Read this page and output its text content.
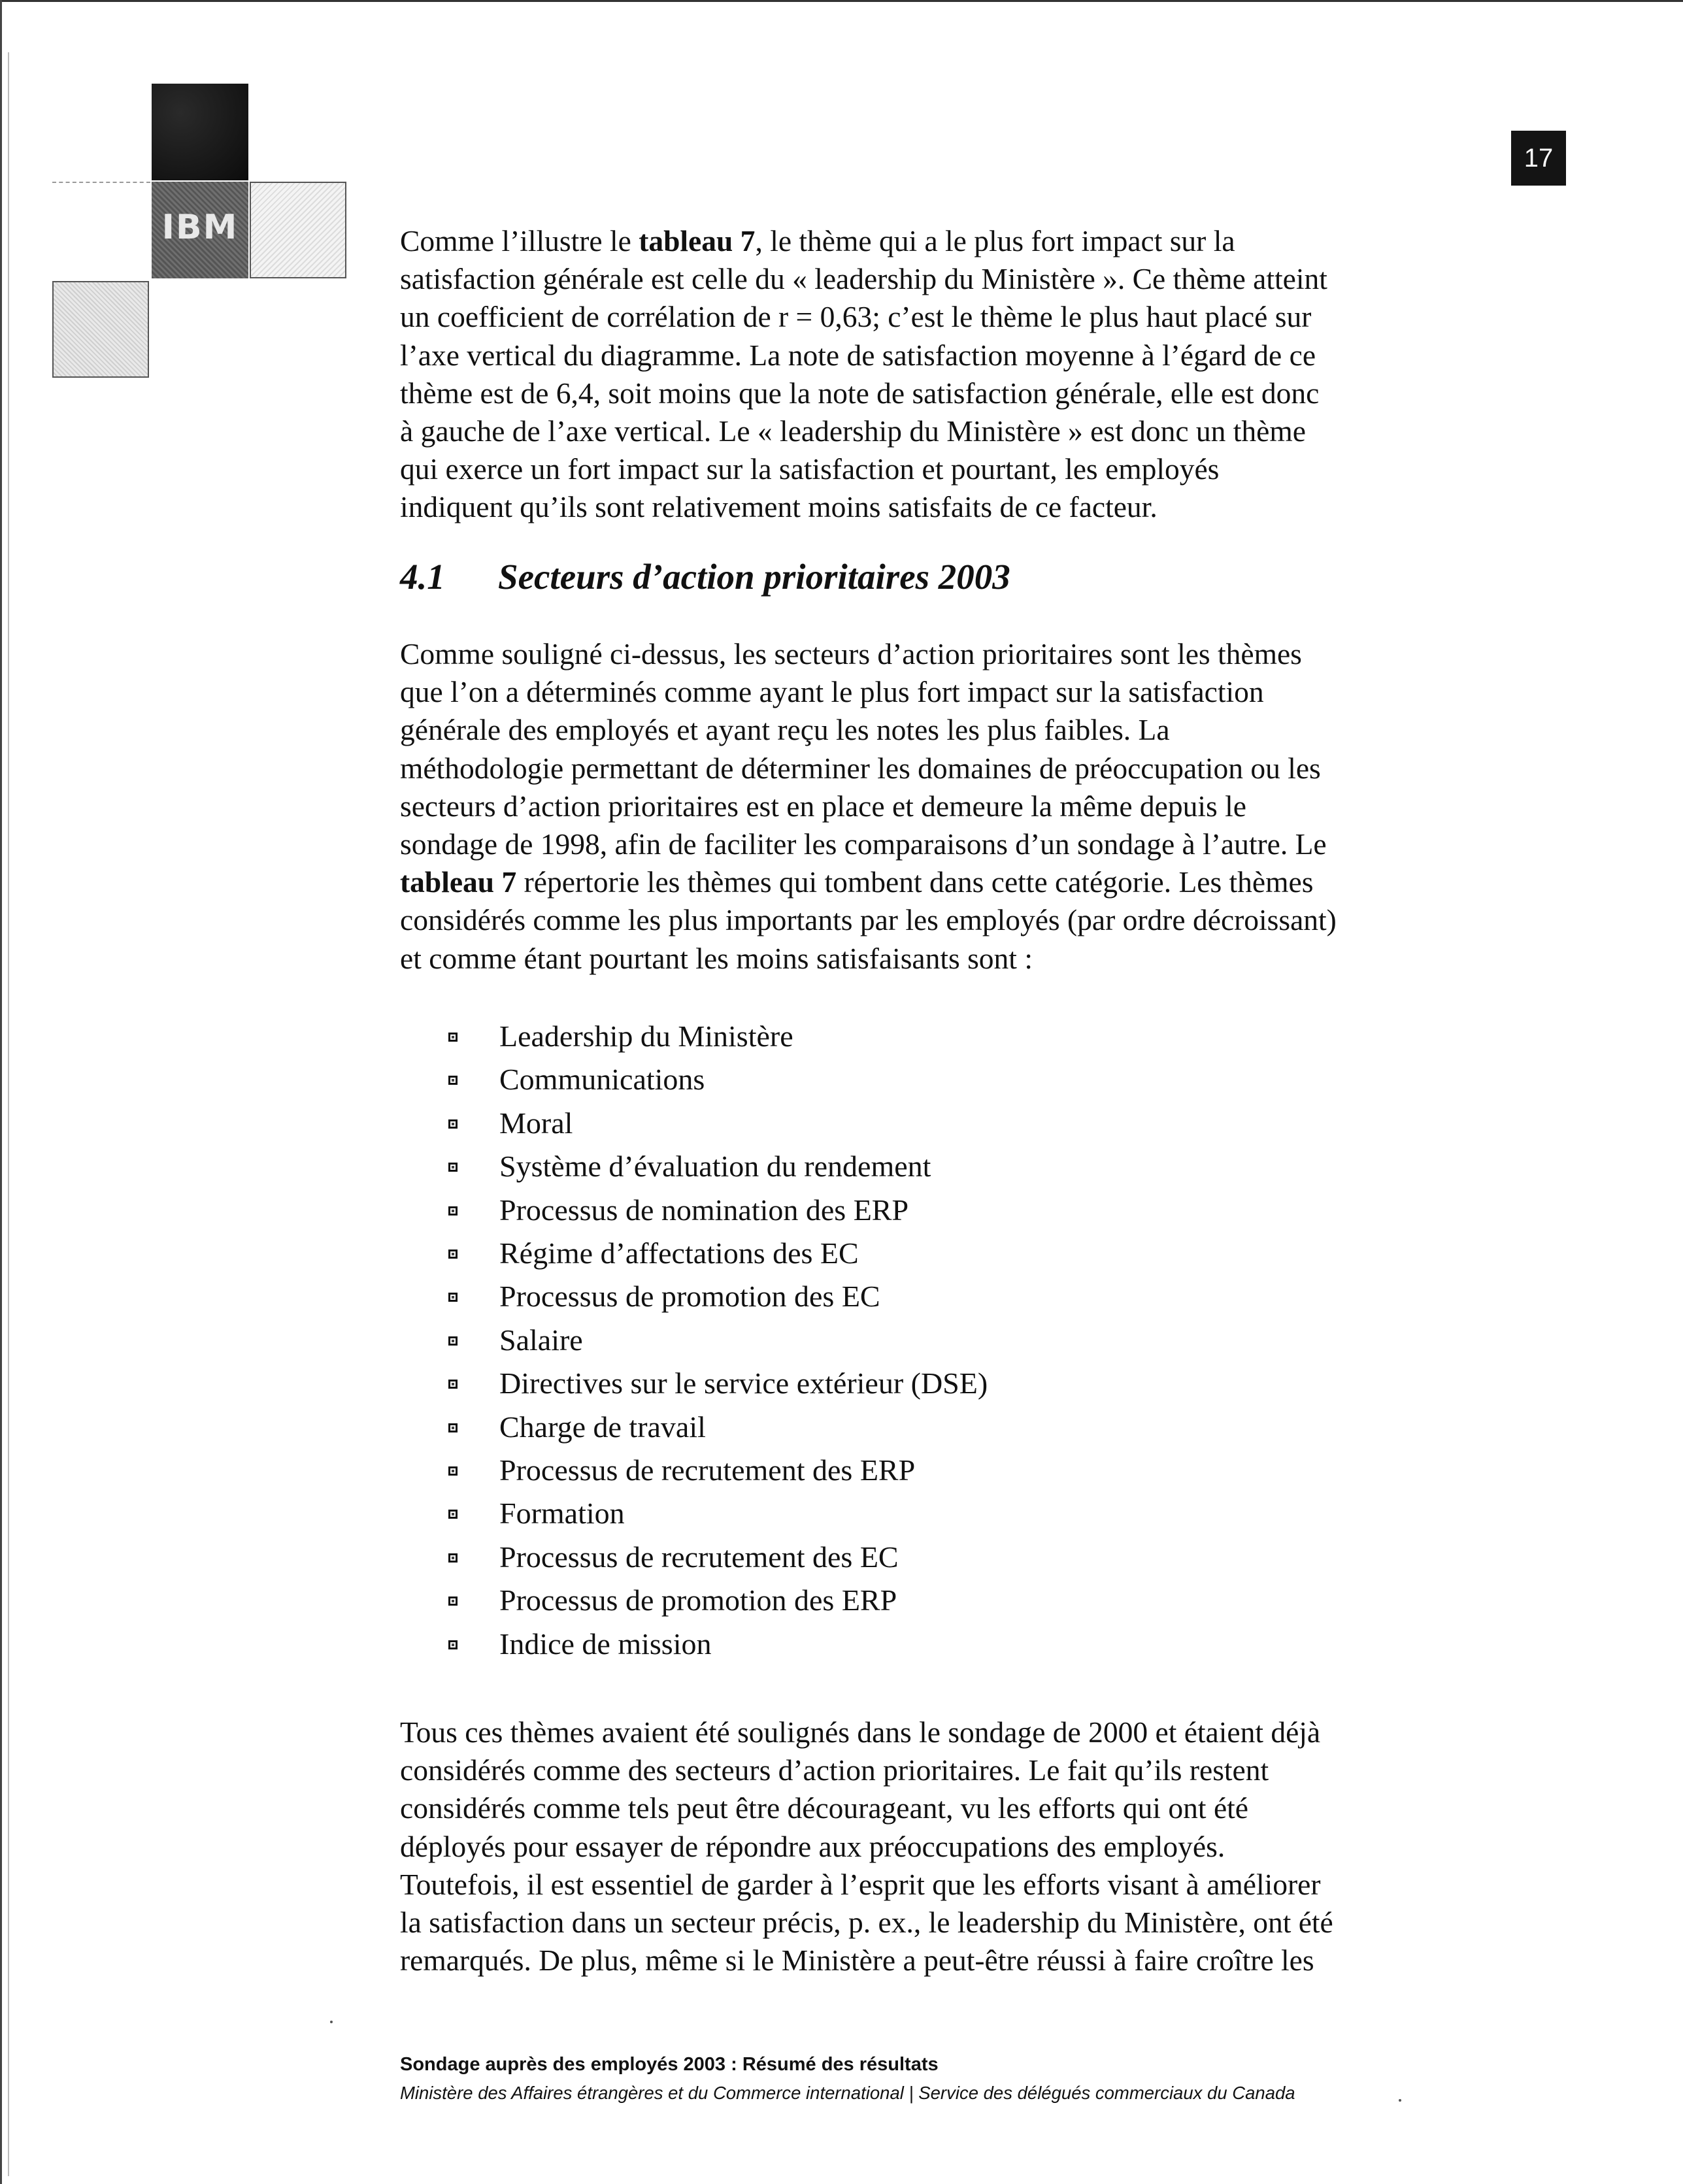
IBM
17
Comme l’illustre le tableau 7, le thème qui a le plus fort impact sur la
satisfaction générale est celle du « leadership du Ministère ». Ce thème atteint
un coefficient de corrélation de r = 0,63; c’est le thème le plus haut placé sur
l’axe vertical du diagramme. La note de satisfaction moyenne à l’égard de ce
thème est de 6,4, soit moins que la note de satisfaction générale, elle est donc
à gauche de l’axe vertical. Le « leadership du Ministère » est donc un thème
qui exerce un fort impact sur la satisfaction et pourtant, les employés
indiquent qu’ils sont relativement moins satisfaits de ce facteur.
4.1 Secteurs d’action prioritaires 2003
Comme souligné ci-dessus, les secteurs d’action prioritaires sont les thèmes
que l’on a déterminés comme ayant le plus fort impact sur la satisfaction
générale des employés et ayant reçu les notes les plus faibles. La
méthodologie permettant de déterminer les domaines de préoccupation ou les
secteurs d’action prioritaires est en place et demeure la même depuis le
sondage de 1998, afin de faciliter les comparaisons d’un sondage à l’autre. Le
tableau 7 répertorie les thèmes qui tombent dans cette catégorie. Les thèmes
considérés comme les plus importants par les employés (par ordre décroissant)
et comme étant pourtant les moins satisfaisants sont :
Leadership du Ministère
Communications
Moral
Système d’évaluation du rendement
Processus de nomination des ERP
Régime d’affectations des EC
Processus de promotion des EC
Salaire
Directives sur le service extérieur (DSE)
Charge de travail
Processus de recrutement des ERP
Formation
Processus de recrutement des EC
Processus de promotion des ERP
Indice de mission
Tous ces thèmes avaient été soulignés dans le sondage de 2000 et étaient déjà
considérés comme des secteurs d’action prioritaires. Le fait qu’ils restent
considérés comme tels peut être décourageant, vu les efforts qui ont été
déployés pour essayer de répondre aux préoccupations des employés.
Toutefois, il est essentiel de garder à l’esprit que les efforts visant à améliorer
la satisfaction dans un secteur précis, p. ex., le leadership du Ministère, ont été
remarqués. De plus, même si le Ministère a peut-être réussi à faire croître les
Sondage auprès des employés 2003 : Résumé des résultats
Ministère des Affaires étrangères et du Commerce international | Service des délégués commerciaux du Canada
